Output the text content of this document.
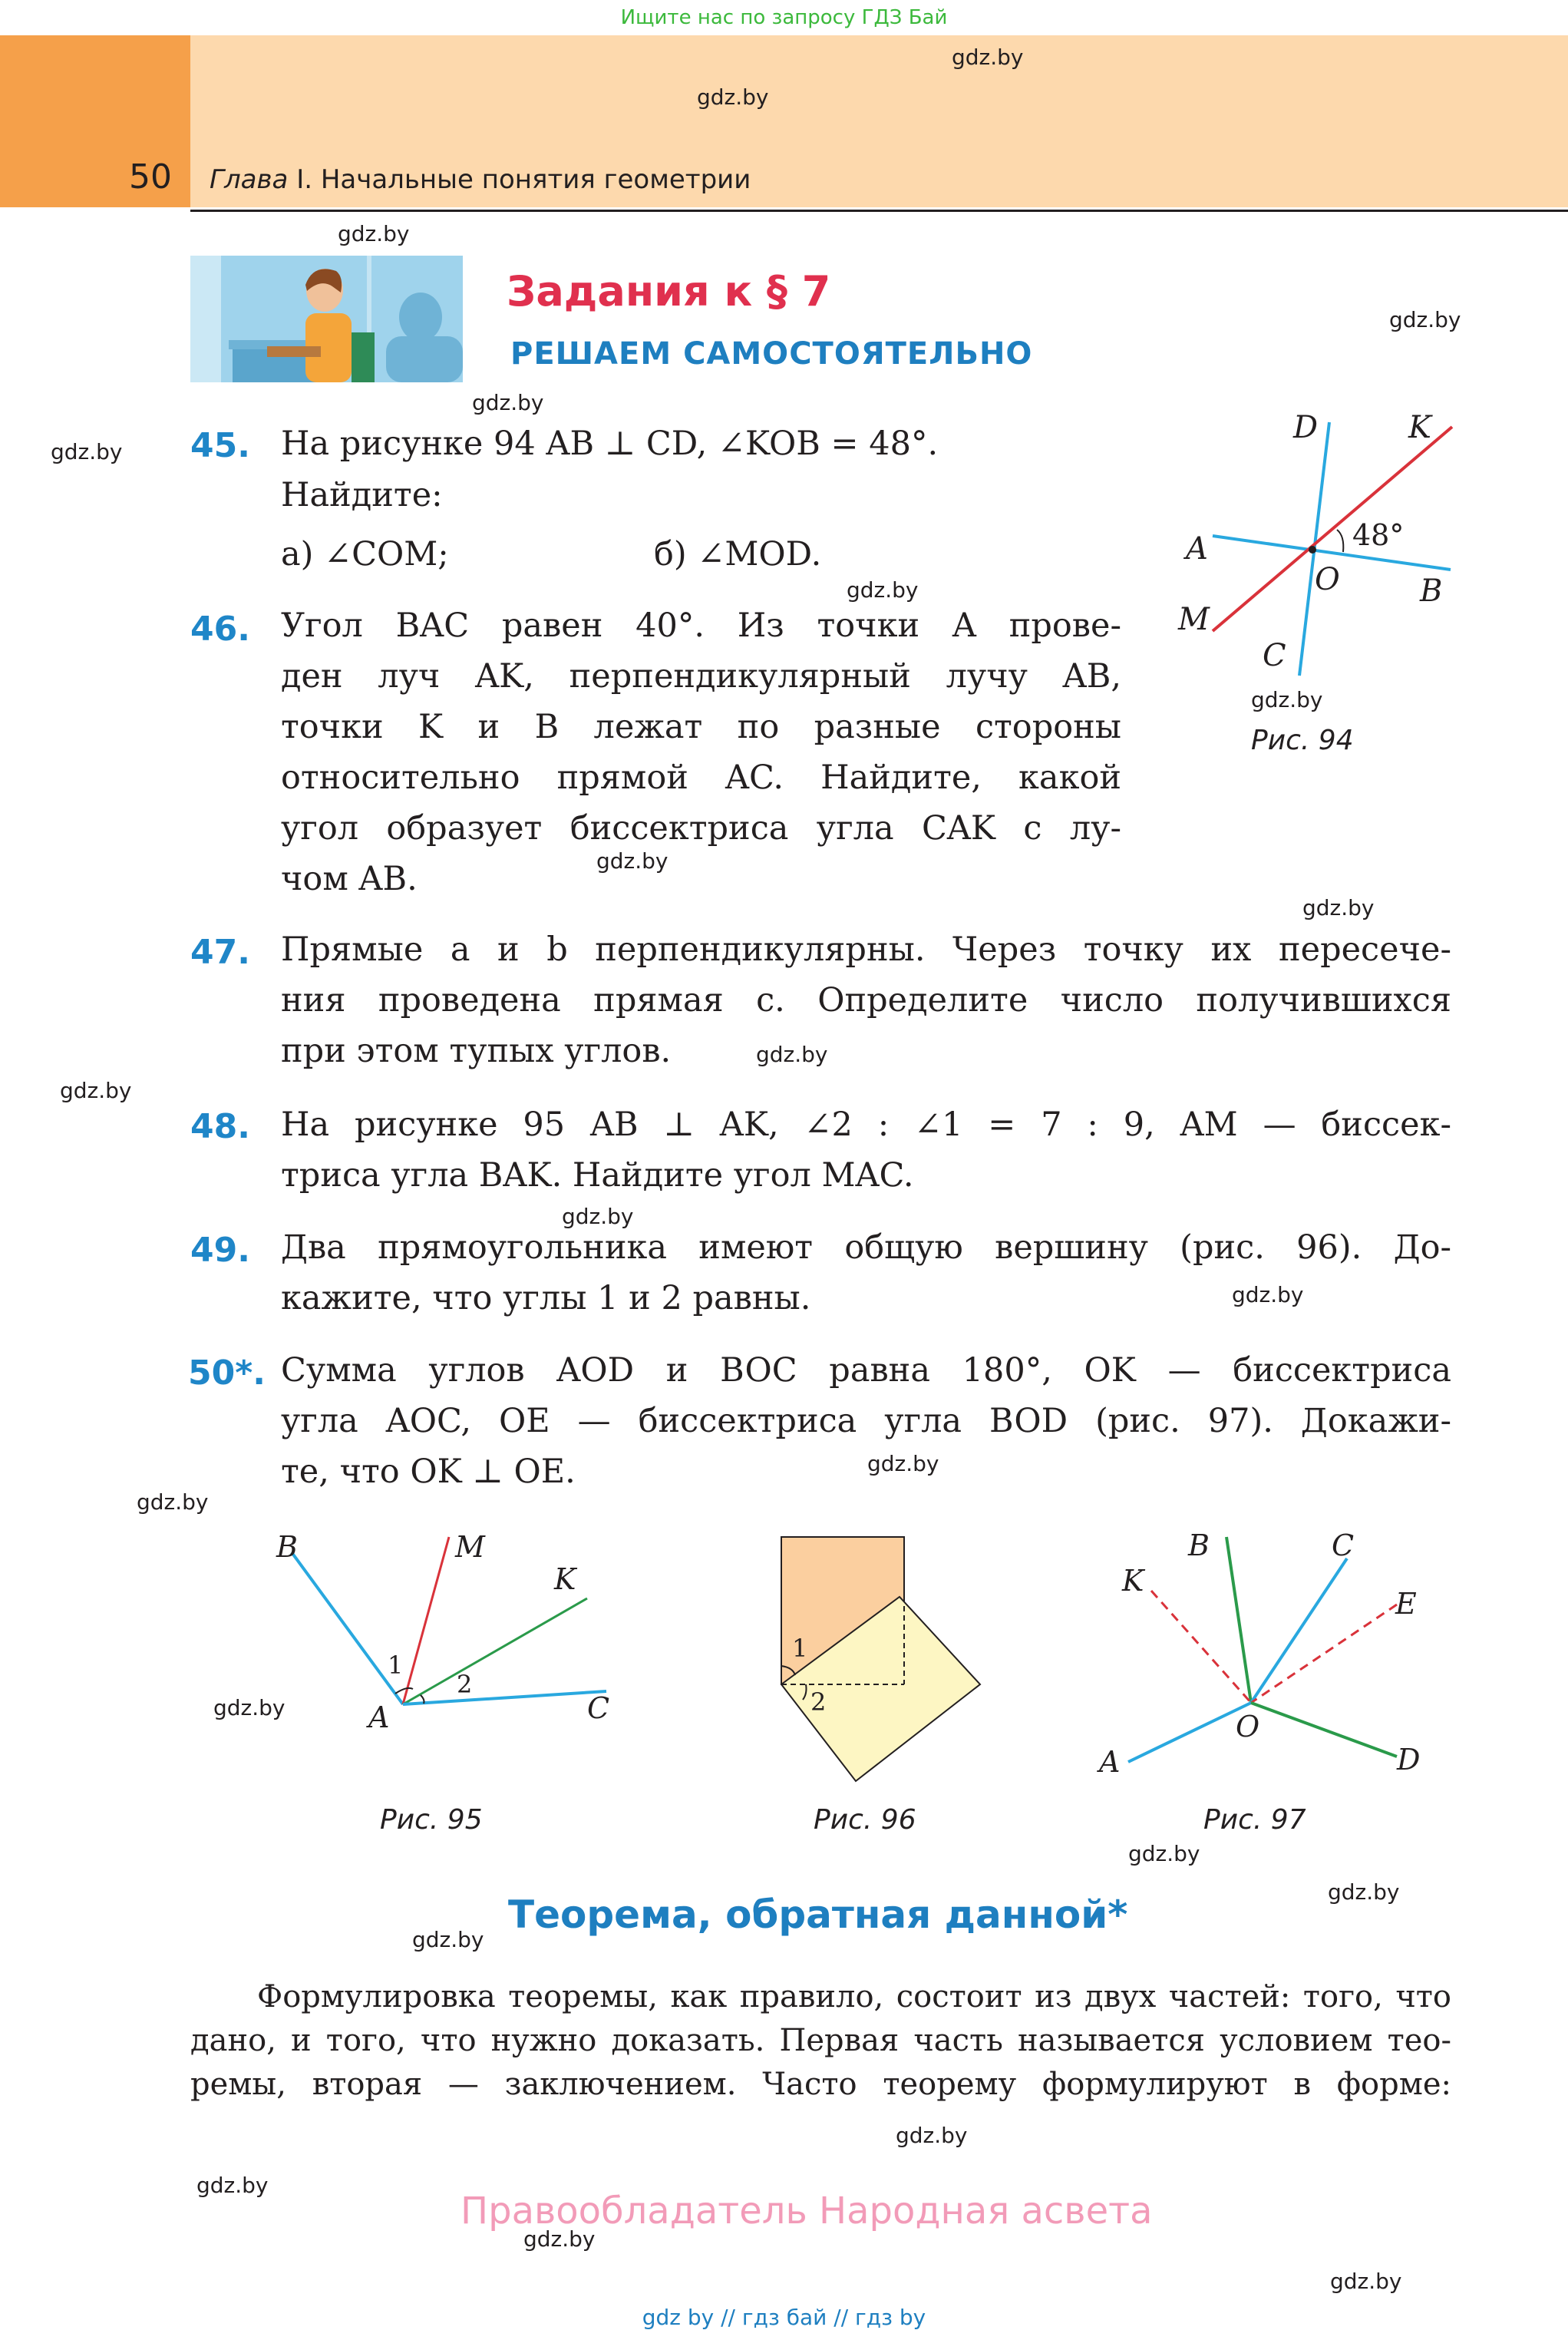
Ищите нас по запросу ГДЗ Бай
50 Глава I. Начальные понятия геометрии
gdz.by
gdz.by
gdz.by
Задания к § 7
РЕШАЕМ САМОСТОЯТЕЛЬНО
gdz.by
gdz.by
gdz.by 45. На рисунке 94 AB ⊥ CD, ∠KOB = 48°.
Найдите:
а) ∠COM;	б) ∠MOD.
gdz.by
D	K
48°
A
O	B
M
C
gdz.by
Рис. 94
46. Угол BAC равен 40°. Из точки A прове-
ден луч AK, перпендикулярный лучу AB,
точки K и B лежат по разные стороны
относительно прямой AC. Найдите, какой
угол образует биссектриса угла CAK с лу-
чом AB.	gdz.by
gdz.by
47. Прямые a и b перпендикулярны. Через точку их пересече-
ния проведена прямая c. Определите число получившихся
при этом тупых углов.	gdz.by
gdz.by
48. На рисунке 95 AB ⊥ AK, ∠2 : ∠1 = 7 : 9, AM — биссек-
триса угла BAK. Найдите угол MAC.
gdz.by
49. Два прямоугольника имеют общую вершину (рис. 96). До-
кажите, что углы 1 и 2 равны.	gdz.by
50*. Сумма углов AOD и BOC равна 180°, OK — биссектриса
угла AOC, OE — биссектриса угла BOD (рис. 97). Докажи-
те, что OK ⊥ OE.	gdz.by
gdz.by
B	M
K
1
2
A	C
gdz.by
Рис. 95
1
2
Рис. 96
B	C
K
E
O
A	D
Рис. 97
gdz.by
gdz.by
gdz.by
Теорема, обратная данной*
Формулировка теоремы, как правило, состоит из двух частей: того, что
дано, и того, что нужно доказать. Первая часть называется условием тео-
ремы, вторая — заключением. Часто теорему формулируют в форме:
gdz.by
gdz.by
Правообладатель Народная асвета
gdz.by
gdz.by
gdz by // гдз бай // гдз by
